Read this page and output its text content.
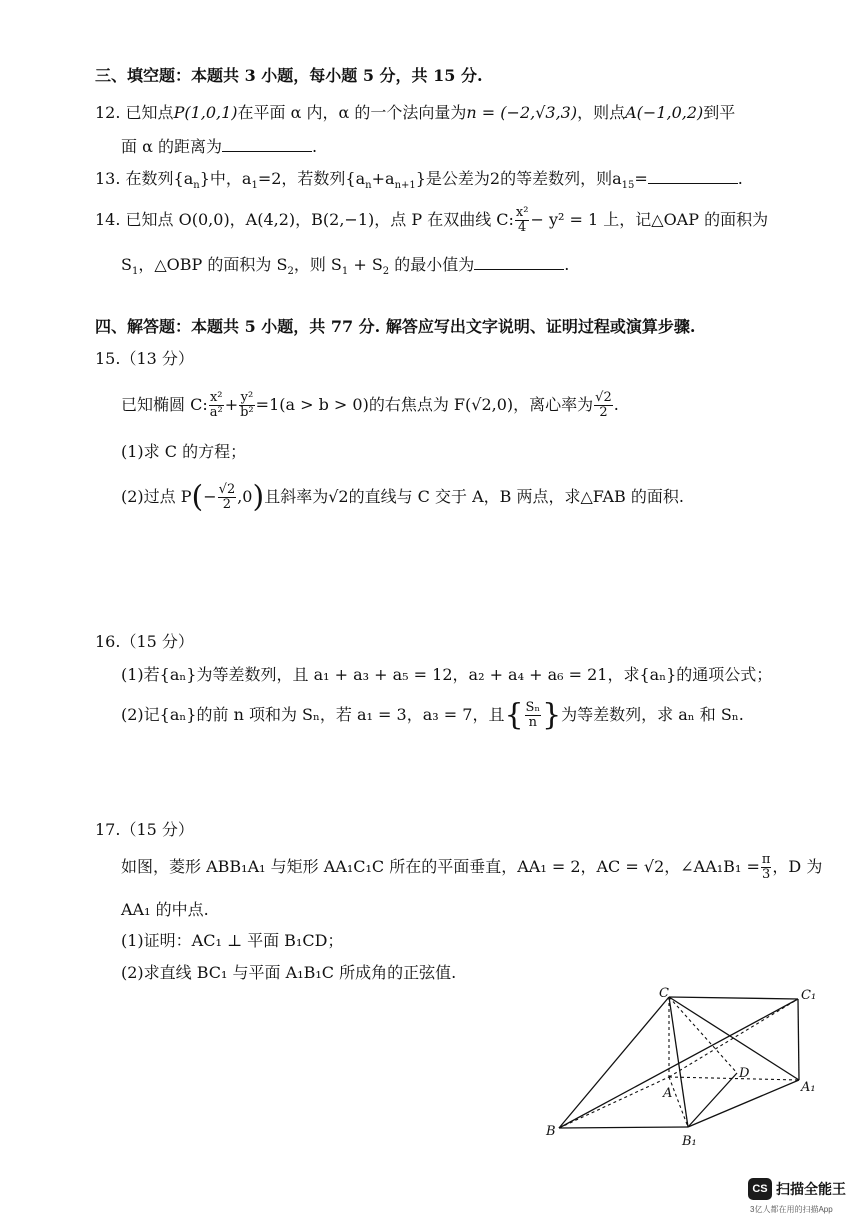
三、填空题：本题共 3 小题，每小题 5 分，共 15 分.
12. 已知点P(1,0,1)在平面 α 内，α 的一个法向量为n = (−2,√3,3)，则点A(−1,0,2)到平
面 α 的距离为	.
13. 在数列$\{a_n\}$中，$a_1=2$，若数列$\{a_n+a_{n+1}\}$是公差为2的等差数列，则$a_{15}=$	.
14. 已知点 O(0,0)，A(4,2)，B(2,−1)，点 P 在双曲线 C: $\frac{\text{x²}}{4} - y^2 = 1$ 上，记△OAP 的面积为
$S_1$，△OBP 的面积为 $S_2$，则 $S_1 + S_2$ 的最小值为	.
四、解答题：本题共 5 小题，共 77 分. 解答应写出文字说明、证明过程或演算步骤.
15.（13 分）
已知椭圆 C: $\frac{\text{x²}}{\text{a²}} + \frac{\text{y²}}{\text{b²}} =1(a > b > 0)$的右焦点为 F(√2,0)，离心率为 $\frac{√2}{2}$ .
(1)求 C 的方程；
(2)过点 $P(- \frac{√2}{2} ,0)$且斜率为√2的直线与 C 交于 A，B 两点，求△FAB 的面积.
16.（15 分）
(1)若{aₙ}为等差数列，且 a₁ + a₃ + a₅ = 12，a₂ + a₄ + a₆ = 21，求{aₙ}的通项公式；
(2)记{aₙ}的前 n 项和为 Sₙ，若 a₁ = 3，a₃ = 7，且{ $\frac{\text{Sₙ}}{n}$ }为等差数列，求 aₙ 和 Sₙ.
17.（15 分）
如图，菱形 ABB₁A₁ 与矩形 AA₁C₁C 所在的平面垂直，AA₁ = 2，AC = √2，∠AA₁B₁ = $\frac{\pi}{3}$ ，D 为
AA₁ 的中点.
(1)证明：AC₁ ⊥ 平面 B₁CD；
(2)求直线 BC₁ 与平面 A₁B₁C 所成角的正弦值.
C	C₁
A	A₁
D
B
B₁
CS 扫描全能王
3亿人都在用的扫描App
